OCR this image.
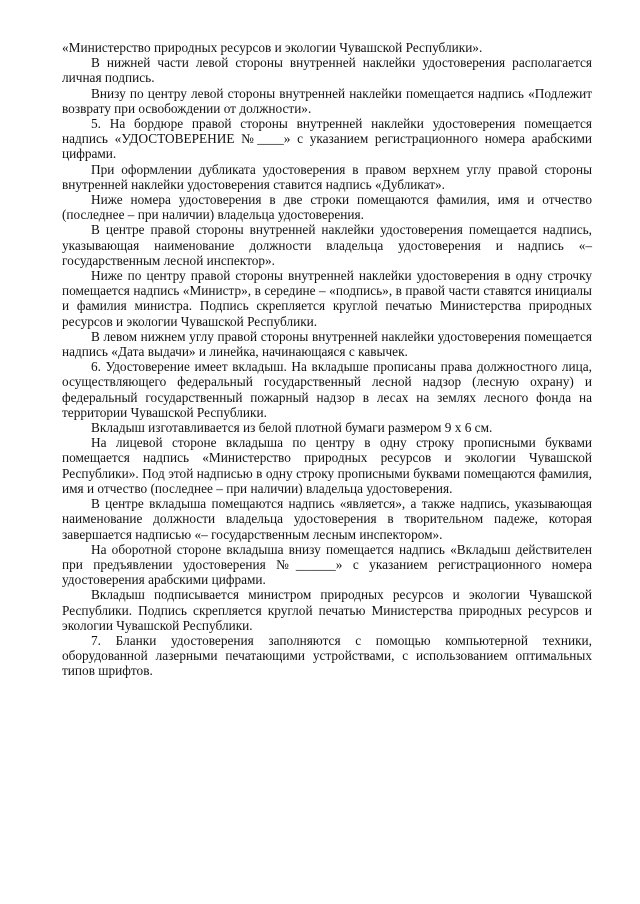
«Министерство природных ресурсов и экологии Чувашской Республики».

В нижней части левой стороны внутренней наклейки удостоверения располагается личная подпись.

Внизу по центру левой стороны внутренней наклейки помещается надпись «Подлежит возврату при освобождении от должности».

5. На бордюре правой стороны внутренней наклейки удостоверения помещается надпись «УДОСТОВЕРЕНИЕ №____» с указанием регистрационного номера арабскими цифрами.

При оформлении дубликата удостоверения в правом верхнем углу правой стороны внутренней наклейки удостоверения ставится надпись «Дубликат».

Ниже номера удостоверения в две строки помещаются фамилия, имя и отчество (последнее – при наличии) владельца удостоверения.

В центре правой стороны внутренней наклейки удостоверения помещается надпись, указывающая наименование должности владельца удостоверения и надпись «– государственным лесной инспектор».

Ниже по центру правой стороны внутренней наклейки удостоверения в одну строчку помещается надпись «Министр», в середине – «подпись», в правой части ставятся инициалы и фамилия министра. Подпись скрепляется круглой печатью Министерства природных ресурсов и экологии Чувашской Республики.

В левом нижнем углу правой стороны внутренней наклейки удостоверения помещается надпись «Дата выдачи» и линейка, начинающаяся с кавычек.

6. Удостоверение имеет вкладыш. На вкладыше прописаны права должностного лица, осуществляющего федеральный государственный лесной надзор (лесную охрану) и федеральный государственный пожарный надзор в лесах на землях лесного фонда на территории Чувашской Республики.

Вкладыш изготавливается из белой плотной бумаги размером 9 х 6 см.

На лицевой стороне вкладыша по центру в одну строку прописными буквами помещается надпись «Министерство природных ресурсов и экологии Чувашской Республики». Под этой надписью в одну строку прописными буквами помещаются фамилия, имя и отчество (последнее – при наличии) владельца удостоверения.

В центре вкладыша помещаются надпись «является», а также надпись, указывающая наименование должности владельца удостоверения в творительном падеже, которая завершается надписью «– государственным лесным инспектором».

На оборотной стороне вкладыша внизу помещается надпись «Вкладыш действителен при предъявлении удостоверения №______» с указанием регистрационного номера удостоверения арабскими цифрами.

Вкладыш подписывается министром природных ресурсов и экологии Чувашской Республики. Подпись скрепляется круглой печатью Министерства природных ресурсов и экологии Чувашской Республики.

7. Бланки удостоверения заполняются с помощью компьютерной техники, оборудованной лазерными печатающими устройствами, с использованием оптимальных типов шрифтов.
